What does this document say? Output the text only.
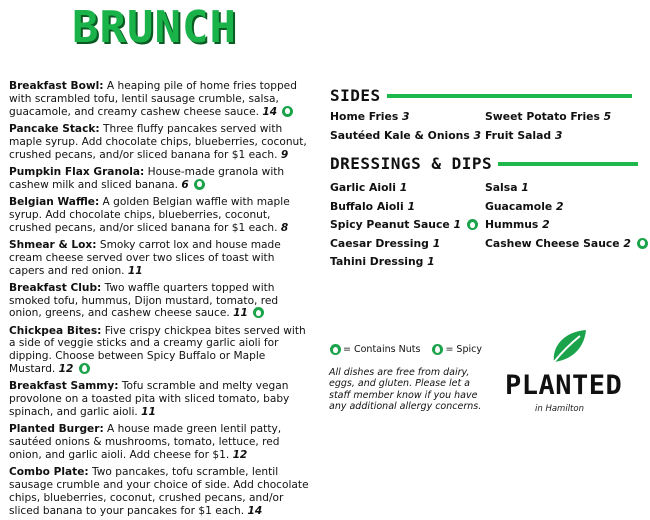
BRUNCH
Breakfast Bowl: A heaping pile of home fries topped with scrambled tofu, lentil sausage crumble, salsa, guacamole, and creamy cashew cheese sauce. 14
Pancake Stack: Three fluffy pancakes served with maple syrup. Add chocolate chips, blueberries, coconut, crushed pecans, and/or sliced banana for $1 each. 9
Pumpkin Flax Granola: House-made granola with cashew milk and sliced banana. 6
Belgian Waffle: A golden Belgian waffle with maple syrup. Add chocolate chips, blueberries, coconut, crushed pecans, and/or sliced banana for $1 each. 8
Shmear & Lox: Smoky carrot lox and house made cream cheese served over two slices of toast with capers and red onion. 11
Breakfast Club: Two waffle quarters topped with smoked tofu, hummus, Dijon mustard, tomato, red onion, greens, and cashew cheese sauce. 11
Chickpea Bites: Five crispy chickpea bites served with a side of veggie sticks and a creamy garlic aioli for dipping. Choose between Spicy Buffalo or Maple Mustard. 12
Breakfast Sammy: Tofu scramble and melty vegan provolone on a toasted pita with sliced tomato, baby spinach, and garlic aioli. 11
Planted Burger: A house made green lentil patty, sautéed onions & mushrooms, tomato, lettuce, red onion, and garlic aioli. Add cheese for $1. 12
Combo Plate: Two pancakes, tofu scramble, lentil sausage crumble and your choice of side. Add chocolate chips, blueberries, coconut, crushed pecans, and/or sliced banana to your pancakes for $1 each. 14
SIDES
Home Fries 3
Sautéed Kale & Onions 3
Sweet Potato Fries 5
Fruit Salad 3
DRESSINGS & DIPS
Garlic Aioli 1
Buffalo Aioli 1
Spicy Peanut Sauce 1
Caesar Dressing 1
Tahini Dressing 1
Salsa 1
Guacamole 2
Hummus 2
Cashew Cheese Sauce 2
= Contains Nuts	= Spicy
All dishes are free from dairy, eggs, and gluten. Please let a staff member know if you have any additional allergy concerns.
PLANTED
in Hamilton
